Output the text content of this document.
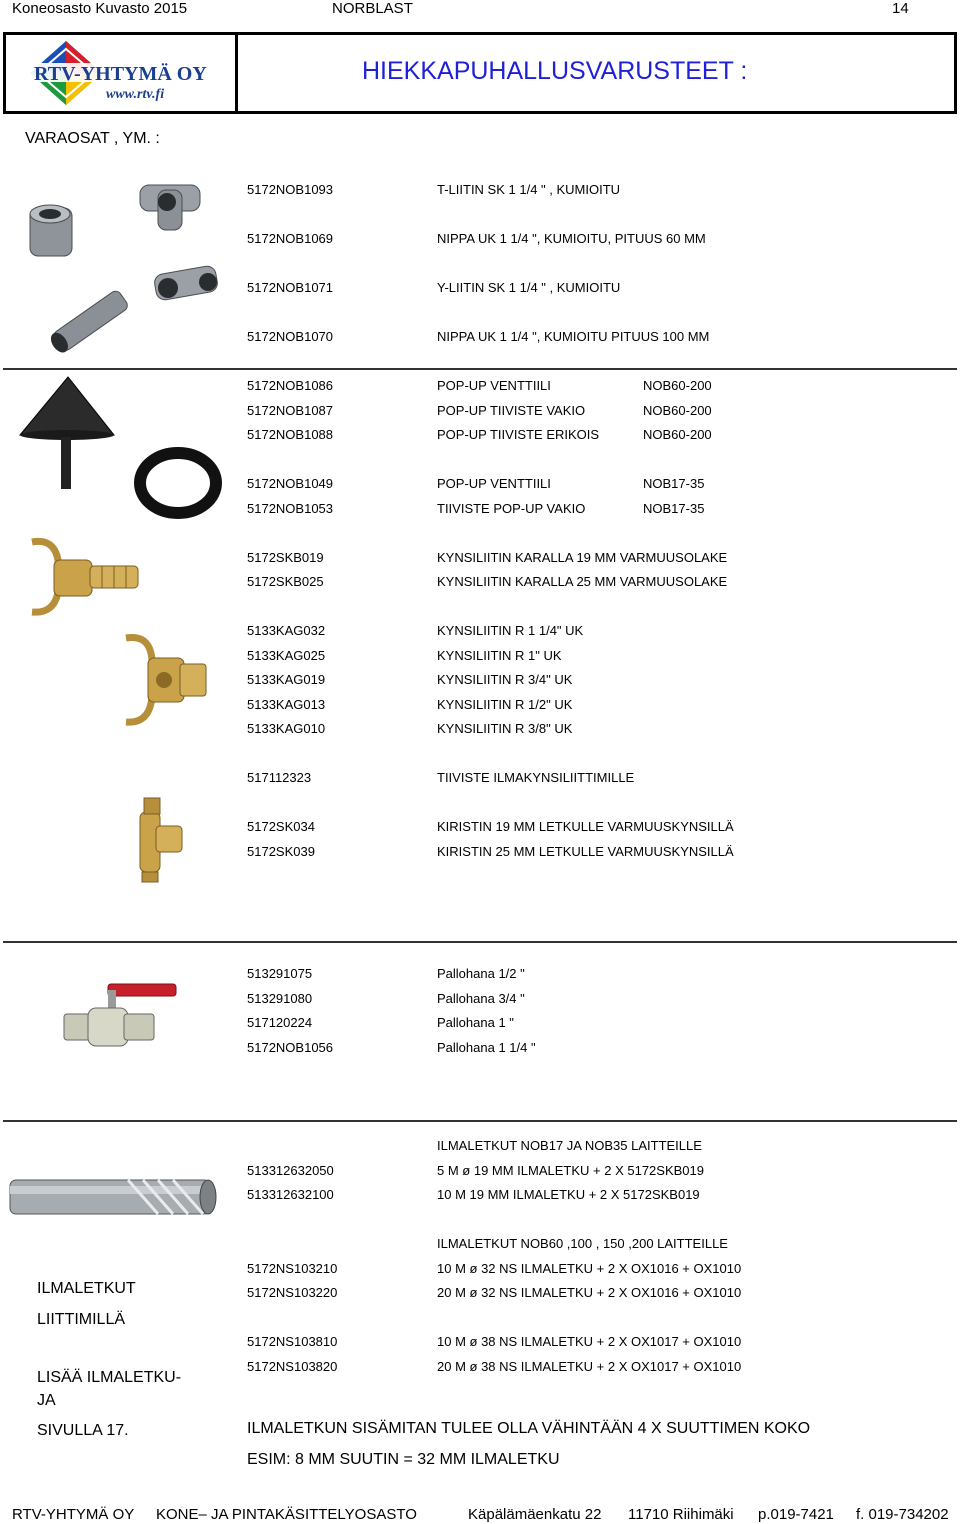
Koneosasto Kuvasto 2015	NORBLAST	14
RTV-YHTYMÄ OY
www.rtv.fi
HIEKKAPUHALLUSVARUSTEET :
VARAOSAT , YM. :
5172NOB1093	T-LIITIN SK 1 1/4 " , KUMIOITU
5172NOB1069	NIPPA UK 1 1/4 ", KUMIOITU, PITUUS 60 MM
5172NOB1071	Y-LIITIN SK 1 1/4 " , KUMIOITU
5172NOB1070	NIPPA UK 1 1/4 ", KUMIOITU PITUUS 100 MM
5172NOB1086	POP-UP VENTTIILI	NOB60-200
5172NOB1087	POP-UP TIIVISTE VAKIO	NOB60-200
5172NOB1088	POP-UP TIIVISTE ERIKOIS	NOB60-200
5172NOB1049	POP-UP VENTTIILI	NOB17-35
5172NOB1053	TIIVISTE POP-UP VAKIO	NOB17-35
5172SKB019	KYNSILIITIN KARALLA 19 MM VARMUUSOLAKE
5172SKB025	KYNSILIITIN KARALLA 25 MM VARMUUSOLAKE
5133KAG032	KYNSILIITIN R 1 1/4" UK
5133KAG025	KYNSILIITIN R 1" UK
5133KAG019	KYNSILIITIN R 3/4" UK
5133KAG013	KYNSILIITIN R 1/2" UK
5133KAG010	KYNSILIITIN R 3/8" UK
517112323	TIIVISTE ILMAKYNSILIITTIMILLE
5172SK034	KIRISTIN 19 MM LETKULLE VARMUUSKYNSILLÄ
5172SK039	KIRISTIN 25 MM LETKULLE VARMUUSKYNSILLÄ
513291075	Pallohana 1/2 "
513291080	Pallohana 3/4 "
517120224	Pallohana 1 "
5172NOB1056	Pallohana 1 1/4 "
ILMALETKUT NOB17 JA NOB35 LAITTEILLE
513312632050	5 M ø 19 MM ILMALETKU + 2 X 5172SKB019
513312632100	10 M 19 MM ILMALETKU + 2 X 5172SKB019
ILMALETKUT NOB60 ,100 , 150 ,200 LAITTEILLE
5172NS103210	10 M ø 32 NS ILMALETKU + 2 X OX1016 + OX1010
5172NS103220	20 M ø 32 NS ILMALETKU + 2 X OX1016 + OX1010
5172NS103810	10 M ø 38 NS ILMALETKU + 2 X OX1017 + OX1010
5172NS103820	20 M ø 38 NS ILMALETKU + 2 X OX1017 + OX1010
ILMALETKUT
LIITTIMILLÄ
LISÄÄ ILMALETKU-
JA
SIVULLA 17.	ILMALETKUN SISÄMITAN TULEE OLLA VÄHINTÄÄN 4 X SUUTTIMEN KOKO
ESIM: 8 MM SUUTIN = 32 MM ILMALETKU
RTV-YHTYMÄ OY KONE– JA PINTAKÄSITTELYOSASTO	Käpälämäenkatu 22 11710 Riihimäki p.019-7421 f. 019-734202
